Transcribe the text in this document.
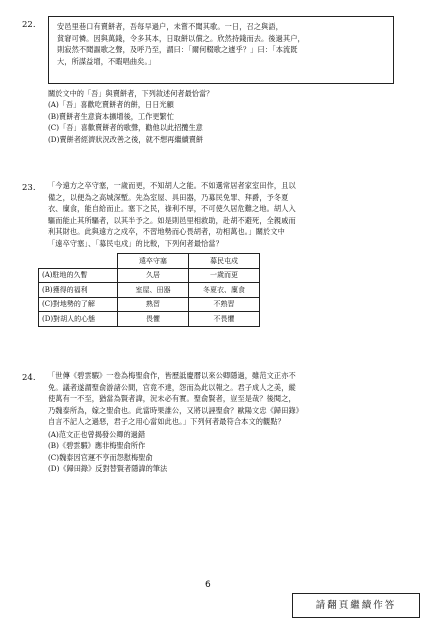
22.	安邑里巷口有賣餅者，吾每早過户，未嘗不聞其歌。一日，召之與語，
貧窘可憐。因與萬錢，令多其本，日取餅以償之。欣然持錢而去。後過其户，
則寂然不聞謳歌之聲，及呼乃至，謂曰：「爾何輟歌之遽乎？」曰：「本流既
大，所謀益增，不暇唱曲矣。」
關於文中的「吾」與賣餅者，下列敘述何者最恰當？
(A)「吾」喜歡吃賣餅者的餅，日日光顧
(B)賣餅者生意資本擴增後，工作更繁忙
(C)「吾」喜歡賣餅者的歌聲，勸他以此招攬生意
(D)賣餅者經濟狀況改善之後，就不想再繼續賣餅
23. 「今遠方之卒守塞，一歲而更，不知胡人之能。不如選常居者家室田作，且以
備之，以便為之高城深塹。先為室屋、具田器，乃募民免罪、拜爵，予冬夏
衣、廩食，能自給而止。塞下之民，祿利不厚，不可使久居危難之地。胡人入
驅而能止其所驅者，以其半予之。如是則邑里相救助，赴胡不避死，全親戚而
利其財也。此與遠方之戍卒，不習地勢而心畏胡者，功相萬也。」關於文中
「遠卒守塞」、「募民屯戍」的比較，下列何者最恰當？
	遠卒守塞	募民屯戍
(A)駐地的久暫	久居	一歲而更
(B)獲得的福利	室屋、田器	冬夏衣、廩食
(C)對地勢的了解	熟習	不熟習
(D)對胡人的心態	畏懼	不畏懼
24. 「世傳《碧雲騢》一卷為梅聖俞作，皆歷詆慶曆以來公卿隱過，雖范文正亦不
免。議者遂謂聖俞游諸公間，官竟不達，怨而為此以報之。君子成人之美，縱
使萬有一不至，猶當為賢者諱，況未必有實。聖俞賢者，豈至是哉？後閱之，
乃魏泰所為，嫁之聖俞也。此當時果誰公，又將以誣聖俞？歐陽文忠《歸田錄》
自言不記人之過惡，君子之用心當如此也。」下列何者最符合本文的觀點？
(A)范文正也曾揭發公卿的過錯
(B)《碧雲騢》應非梅聖俞所作
(C)魏泰因官運不亨而怨懟梅聖俞
(D)《歸田錄》反對替賢者隱諱的筆法
6
請翻頁繼續作答
